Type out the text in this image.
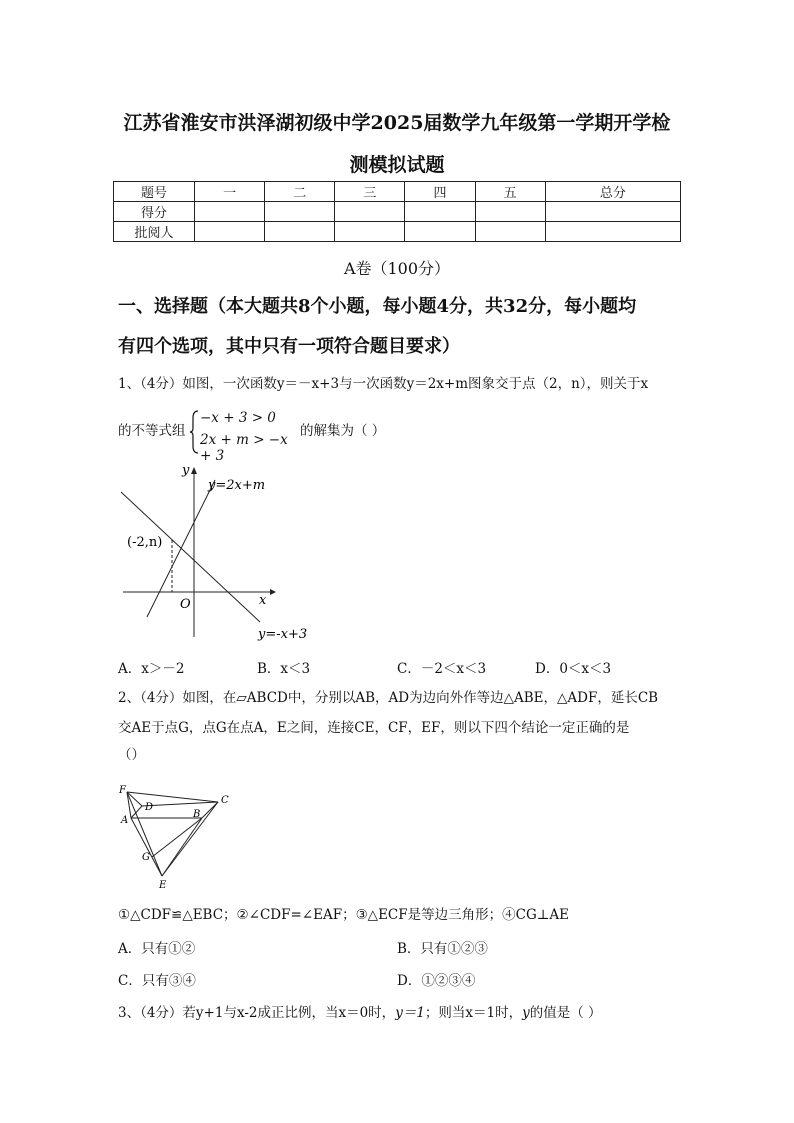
江苏省淮安市洪泽湖初级中学2025届数学九年级第一学期开学检
测模拟试题
题号	一	二	三	四	五	总分
得分						
批阅人						
A卷（100分）
一、选择题（本大题共8个小题，每小题4分，共32分，每小题均
有四个选项，其中只有一项符合题目要求）
1、（4分）如图，一次函数y＝－x+3与一次函数y＝2x+m图象交于点（2，n），则关于x
的不等式组
−x + 3 > 0
2x + m > −x + 3
的解集为（ ）
y
x
O
y=2x+m
y=-x+3
(-2,n)
A．x＞－2	B．x＜3	C．－2＜x＜3	D．0＜x＜3
2、（4分）如图，在▱ABCD中，分别以AB，AD为边向外作等边△ABE，△ADF，延长CB
交AE于点G，点G在点A，E之间，连接CE，CF，EF，则以下四个结论一定正确的是
（）
F
D
C
A
B
G
E
①△CDF≌△EBC；②∠CDF=∠EAF；③△ECF是等边三角形；④CG⊥AE
A．只有①②	B．只有①②③
C．只有③④	D．①②③④
3、（4分）若y+1与x-2成正比例，当x＝0时，y＝1；则当x＝1时，y的值是（ ）
